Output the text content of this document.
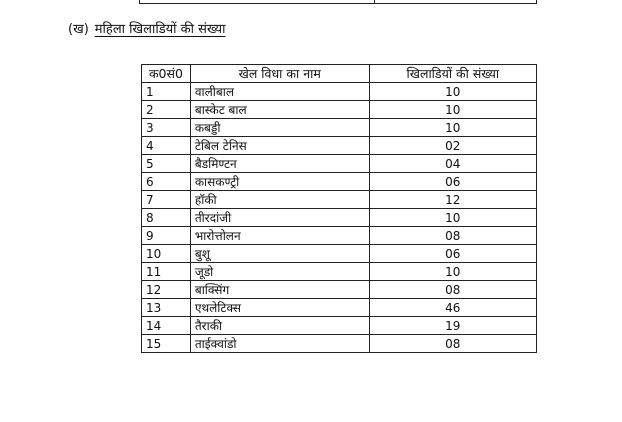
(ख) महिला खिलाडियों की संख्या
क0सं0	खेल विधा का नाम	खिलाडियों की संख्या
1	वालीबाल	10
2	बास्केट बाल	10
3	कबड्डी	10
4	टेबिल टेनिस	02
5	बैडमिण्टन	04
6	कासकण्ट्री	06
7	हॉकी	12
8	तीरदांजी	10
9	भारोत्तोलन	08
10	बुशू	06
11	जूडो	10
12	बाक्सिंग	08
13	एथलेटिक्स	46
14	तैराकी	19
15	ताईक्वांडो	08
